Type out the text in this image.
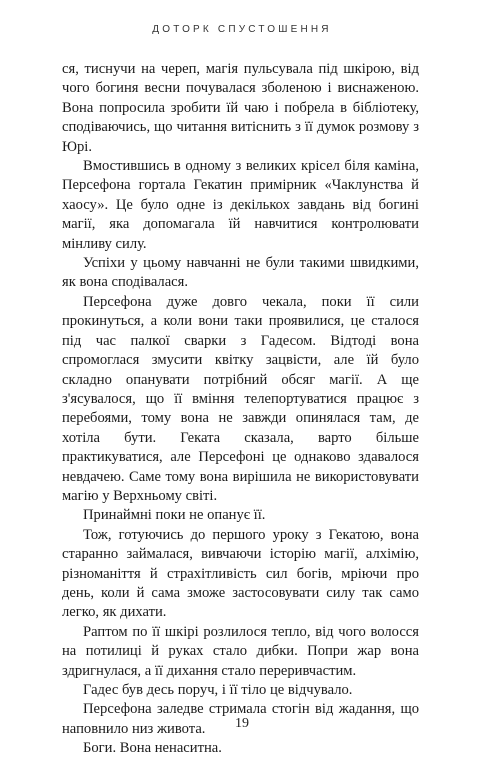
ДОТОРК СПУСТОШЕННЯ

ся, тиснучи на череп, магія пульсувала під шкірою, від чого богиня весни почувалася зболеною і виснаженою. Вона попросила зробити їй чаю і побрела в бібліотеку, сподіваючись, що читання витіснить з її думок розмову з Юрі.

Вмостившись в одному з великих крісел біля каміна, Персефона гортала Гекатин примірник «Чаклунства й хаосу». Це було одне із декількох завдань від богині магії, яка допомагала їй навчитися контролювати мінливу силу.

Успіхи у цьому навчанні не були такими швидкими, як вона сподівалася.

Персефона дуже довго чекала, поки її сили прокинуться, а коли вони таки проявилися, це сталося під час палкої сварки з Гадесом. Відтоді вона спромоглася змусити квітку зацвісти, але їй було складно опанувати потрібний обсяг магії. А ще з'ясувалося, що її вміння телепортуватися працює з перебоями, тому вона не завжди опинялася там, де хотіла бути. Геката сказала, варто більше практикуватися, але Персефоні це однаково здавалося невдачею. Саме тому вона вирішила не використовувати магію у Верхньому світі.

Принаймні поки не опанує її.

Тож, готуючись до першого уроку з Гекатою, вона старанно займалася, вивчаючи історію магії, алхімію, різноманіття й страхітливість сил богів, мріючи про день, коли й сама зможе застосовувати силу так само легко, як дихати.

Раптом по її шкірі розлилося тепло, від чого волосся на потилиці й руках стало дибки. Попри жар вона здригнулася, а її дихання стало переривчастим.

Гадес був десь поруч, і її тіло це відчувало.

Персефона заледве стримала стогін від жадання, що наповнило низ живота.

Боги. Вона ненаситна.

19
